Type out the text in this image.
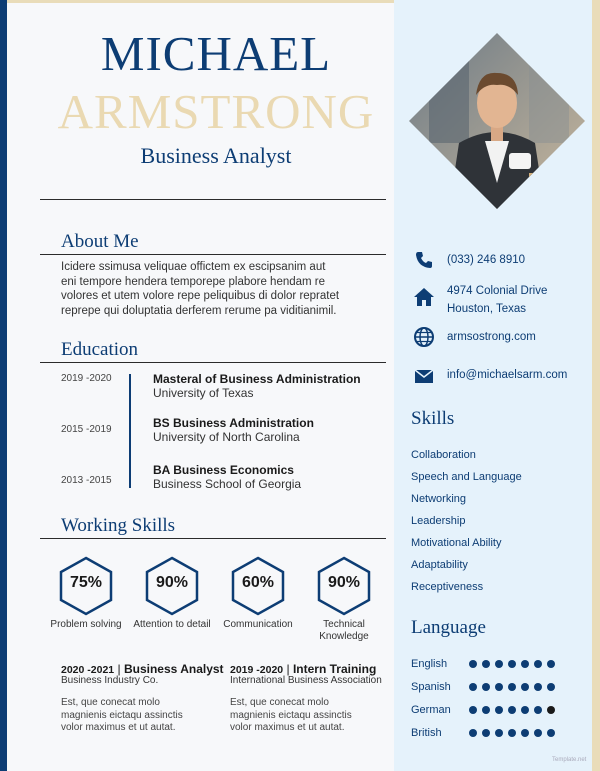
MICHAEL
ARMSTRONG
Business Analyst
About Me
Icidere ssimusa veliquae offictem ex escipsanim aut
eni tempore hendera temporepe plabore hendam re
volores et utem volore repe peliquibus di dolor repratet
reprepe qui doluptatia derferem rerume pa viditianimil.
Education
2019 -2020	Masteral of Business Administration
University of Texas
2015 -2019	BS Business Administration
University of North Carolina
2013 -2015
BA Business Economics
Business School of Georgia
Working Skills
75%
Problem solving
90%
Attention to detail
60%
Communication
90%
Technical Knowledge
2020 -2021 | Business Analyst
Business Industry Co.
Est, que conecat molo
magnienis eictaqu assinctis
volor maximus et ut autat.
2019 -2020 | Intern Training
International Business Association
Est, que conecat molo
magnienis eictaqu assinctis
volor maximus et ut autat.
(033) 246 8910
4974 Colonial Drive
Houston, Texas
armsostrong.com
info@michaelsarm.com
Skills
Collaboration
Speech and Language
Networking
Leadership
Motivational Ability
Adaptability
Receptiveness
Language
English
Spanish
German
British
Template.net
